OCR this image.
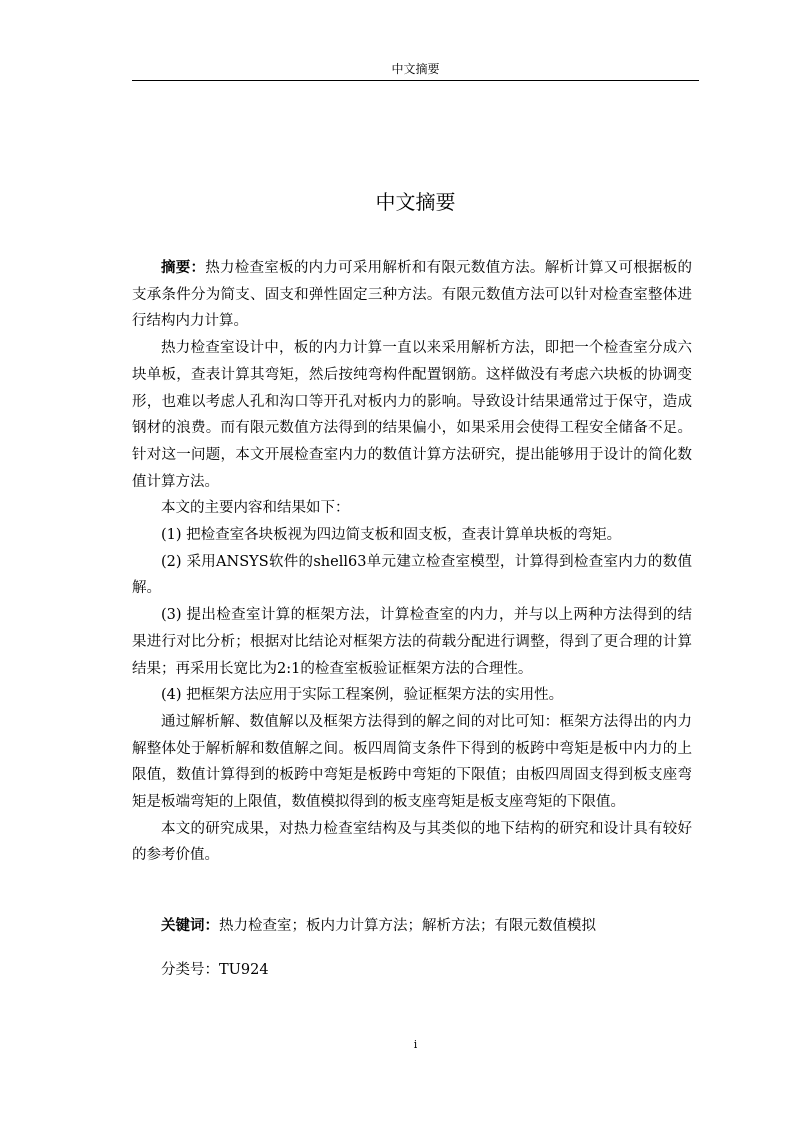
中文摘要
中文摘要

摘要：热力检查室板的内力可采用解析和有限元数值方法。解析计算又可根据板的支承条件分为简支、固支和弹性固定三种方法。有限元数值方法可以针对检查室整体进行结构内力计算。

热力检查室设计中，板的内力计算一直以来采用解析方法，即把一个检查室分成六块单板，查表计算其弯矩，然后按纯弯构件配置钢筋。这样做没有考虑六块板的协调变形，也难以考虑人孔和沟口等开孔对板内力的影响。导致设计结果通常过于保守，造成钢材的浪费。而有限元数值方法得到的结果偏小，如果采用会使得工程安全储备不足。针对这一问题，本文开展检查室内力的数值计算方法研究，提出能够用于设计的简化数值计算方法。

本文的主要内容和结果如下：

(1) 把检查室各块板视为四边简支板和固支板，查表计算单块板的弯矩。

(2) 采用ANSYS软件的shell63单元建立检查室模型，计算得到检查室内力的数值解。

(3) 提出检查室计算的框架方法，计算检查室的内力，并与以上两种方法得到的结果进行对比分析；根据对比结论对框架方法的荷载分配进行调整，得到了更合理的计算结果；再采用长宽比为2:1的检查室板验证框架方法的合理性。

(4) 把框架方法应用于实际工程案例，验证框架方法的实用性。

通过解析解、数值解以及框架方法得到的解之间的对比可知：框架方法得出的内力解整体处于解析解和数值解之间。板四周简支条件下得到的板跨中弯矩是板中内力的上限值，数值计算得到的板跨中弯矩是板跨中弯矩的下限值；由板四周固支得到板支座弯矩是板端弯矩的上限值，数值模拟得到的板支座弯矩是板支座弯矩的下限值。

本文的研究成果，对热力检查室结构及与其类似的地下结构的研究和设计具有较好的参考价值。

关键词：热力检查室；板内力计算方法；解析方法；有限元数值模拟

分类号：TU924

i
